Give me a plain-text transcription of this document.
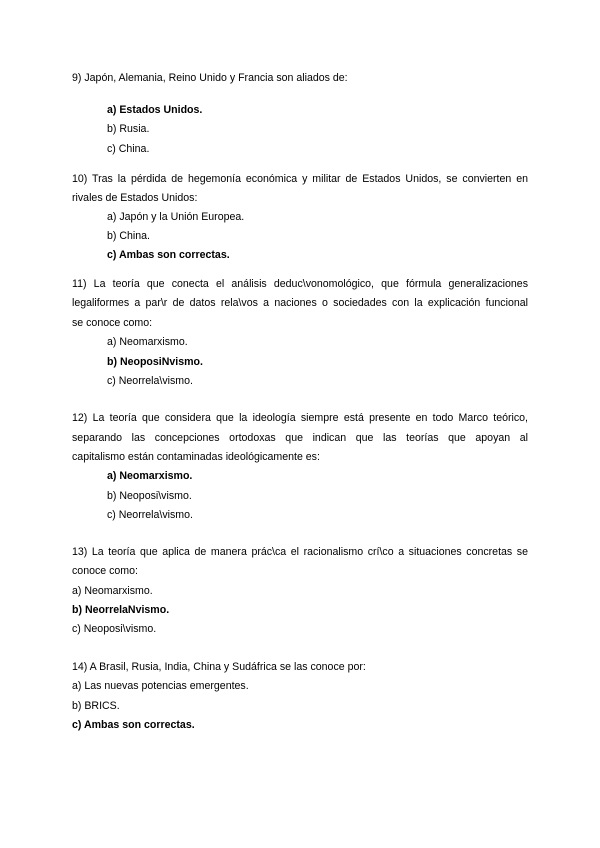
9) Japón, Alemania, Reino Unido y Francia son aliados de:
a) Estados Unidos.
b) Rusia.
c) China.
10) Tras la pérdida de hegemonía económica y militar de Estados Unidos, se convierten en
rivales de Estados Unidos:
a) Japón y la Unión Europea.
b) China.
c) Ambas son correctas.
11) La teoría que conecta el análisis deduc\vonomológico, que fórmula generalizaciones
legaliformes a par\r de datos rela\vos a naciones o sociedades con la explicación funcional
se conoce como:
a) Neomarxismo.
b) NeoposiNvismo.
c) Neorrela\vismo.
12) La teoría que considera que la ideología siempre está presente en todo Marco teórico,
separando las concepciones ortodoxas que indican que las teorías que apoyan al
capitalismo están contaminadas ideológicamente es:
a) Neomarxismo.
b) Neoposi\vismo.
c) Neorrela\vismo.
13) La teoría que aplica de manera prác\ca el racionalismo crí\co a situaciones concretas se
conoce como:
a) Neomarxismo.
b) NeorrelaNvismo.
c) Neoposi\vismo.
14) A Brasil, Rusia, India, China y Sudáfrica se las conoce por:
a) Las nuevas potencias emergentes.
b) BRICS.
c) Ambas son correctas.
